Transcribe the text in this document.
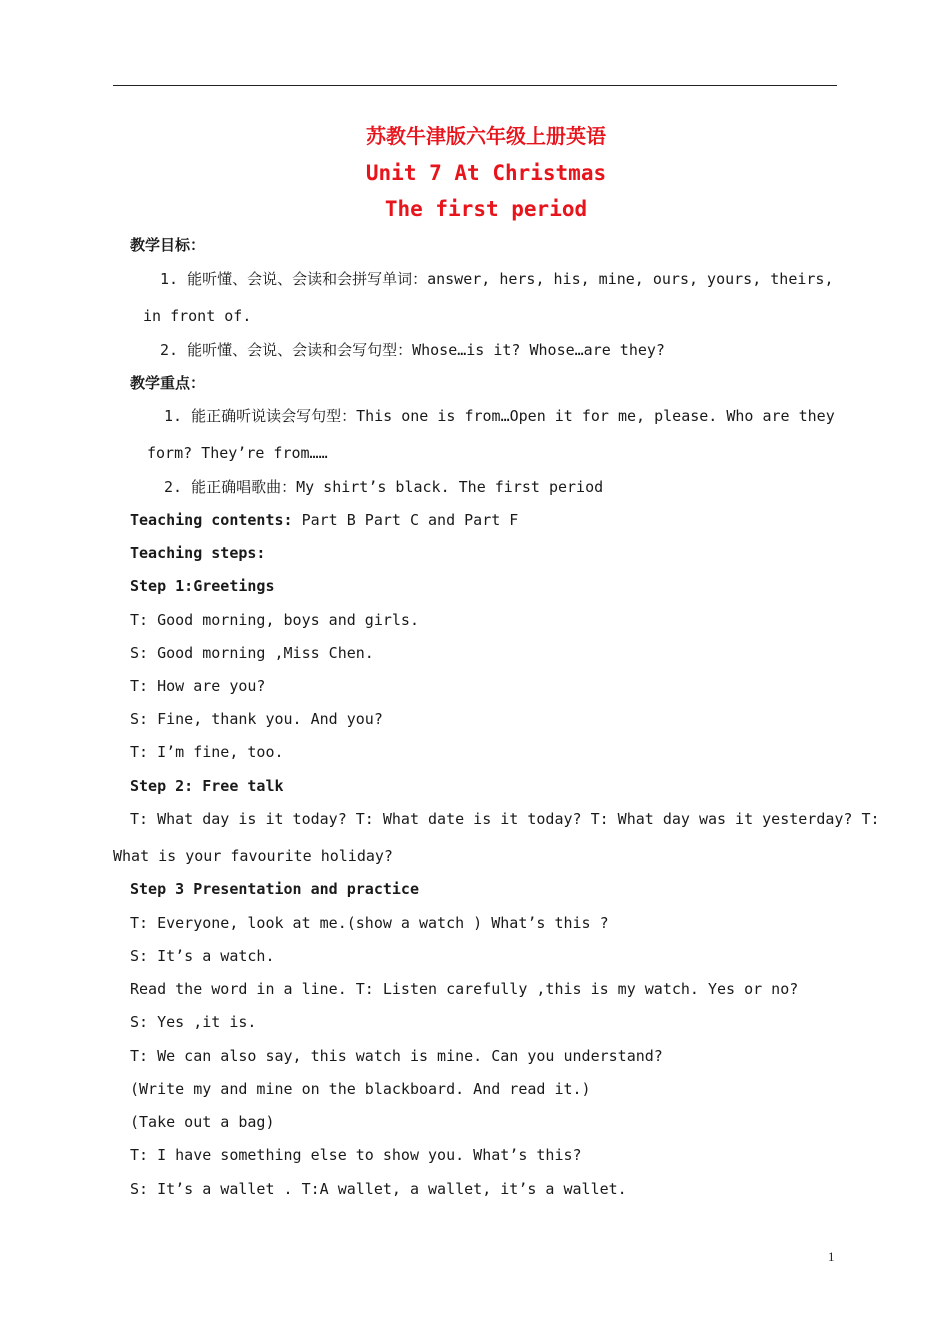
苏教牛津版六年级上册英语
Unit 7 At Christmas
The first period
教学目标：
1. 能听懂、会说、会读和会拼写单词：answer, hers, his, mine, ours, yours, theirs,
in front of.
2. 能听懂、会说、会读和会写句型：Whose…is it? Whose…are they?
教学重点：
1. 能正确听说读会写句型：This one is from…Open it for me, please. Who are they
form? They’re from……
2. 能正确唱歌曲：My shirt’s black. The first period
Teaching contents: Part B Part C and Part F
Teaching steps:
Step 1:Greetings
T: Good morning, boys and girls.
S: Good morning ,Miss Chen.
T: How are you?
S: Fine, thank you. And you?
T: I’m fine, too.
Step 2: Free talk
T: What day is it today? T: What date is it today? T: What day was it yesterday? T:
What is your favourite holiday?
Step 3 Presentation and practice
T: Everyone, look at me.(show a watch ) What’s this ?
S: It’s a watch.
Read the word in a line. T: Listen carefully ,this is my watch. Yes or no?
S: Yes ,it is.
T: We can also say, this watch is mine. Can you understand?
(Write my and mine on the blackboard. And read it.)
(Take out a bag)
T: I have something else to show you. What’s this?
S: It’s a wallet . T:A wallet, a wallet, it’s a wallet.
1
